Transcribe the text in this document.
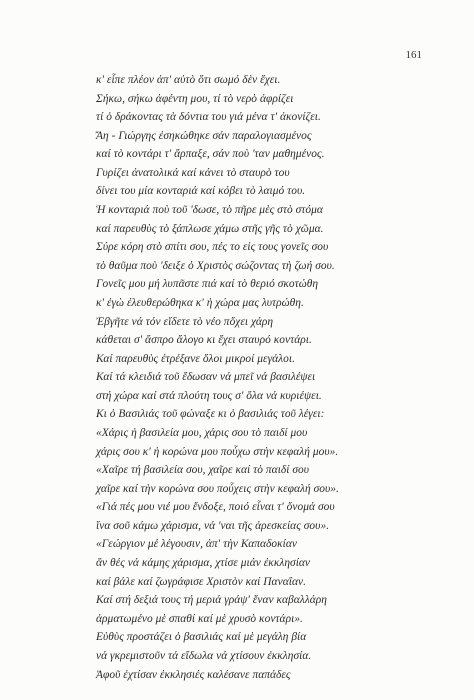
161
κ' εἶπε πλέον ἀπ' αὐτὸ ὅτι σωμό δὲν ἔχει.
Σήκω, σήκω ἀφέντη μου, τί τὸ νερὸ ἀφρίζει
τί ὁ δράκοντας τὰ δόντια του γιά μένα τ' ἀκονίζει.
Ἄη - Γιώργης ἐσηκώθηκε σάν παραλογιασμένος
καί τὸ κοντάρι τ' ἅρπαξε, σάν ποὺ 'ταν μαθημένος.
Γυρίζει ἀνατολικά καί κάνει τὸ σταυρὸ του
δίνει του μία κονταριά καί κόβει τὸ λαιμό του.
Ἡ κονταριά ποὺ τοῦ 'δωσε, τὸ πῆρε μὲς στὸ στόμα
καί παρευθὺς τὸ ξάπλωσε χάμω στῆς γῆς τὸ χῶμα.
Σύρε κόρη στὸ σπίτι σου, πές το εἰς τους γονεῖς σου
τὸ θαῦμα ποὺ 'δειξε ὁ Χριστὸς σώζοντας τὴ ζωή σου.
Γονεῖς μου μή λυπᾶστε πιά καί τὸ θεριό σκοτώθη
κ' ἐγὼ ἐλευθερώθηκα κ' ἡ χώρα μας λυτρώθη.
Ἐβγῆτε νά τόν εἴδετε τὸ νέο πὄχει χάρη
κάθεται σ' ἄσπρο ἄλογο κι ἔχει σταυρό κοντάρι.
Καί παρευθὺς ἐτρέξανε ὅλοι μικροί μεγάλοι.
Καί τά κλειδιά τοῦ ἔδωσαν νά μπεῖ νά βασιλέψει
στή χώρα καί στά πλούτη τους σ' ὅλα νά κυριέψει.
Κι ὁ Βασιλιάς τοῦ φώναξε κι ὁ βασιλιάς τοῦ λέγει:
«Χάρις ἡ βασιλεία μου, χάρις σου τὸ παιδί μου
χάρις σου κ' ἡ κορώνα μου ποὖχω στὴν κεφαλή μου».
«Χαῖρε τή βασιλεία σου, χαῖρε καί τὸ παιδί σου
χαῖρε καί τὴν κορώνα σου ποὖχεις στὴν κεφαλή σου».
«Γιά πές μου νιέ μου ἔνδοξε, ποιό εἶναι τ' ὄνομά σου
ἵνα σοῦ κάμω χάρισμα, νά 'ναι τῆς ἀρεσκείας σου».
«Γεώργιον μέ λέγουσιν, ἀπ' τὴν Καπαδοκίαν
ἄν θές νά κάμης χάρισμα, χτίσε μιάν ἐκκλησίαν
καί βάλε καί ζωγράφισε Χριστὸν καί Παναΐαν.
Καί στή δεξιά τους τή μεριά γράψ' ἕναν καβαλλάρη
ἁρματωμένο μὲ σπαθί καί μὲ χρυσὸ κοντάρι».
Εὐθὺς προστάζει ὁ βασιλιάς καί μὲ μεγάλη βία
νά γκρεμιστοῦν τά εἴδωλα νά χτίσουν ἐκκλησία.
Ἀφοῦ ἐχτίσαν ἐκκλησιές καλέσανε παπάδες
